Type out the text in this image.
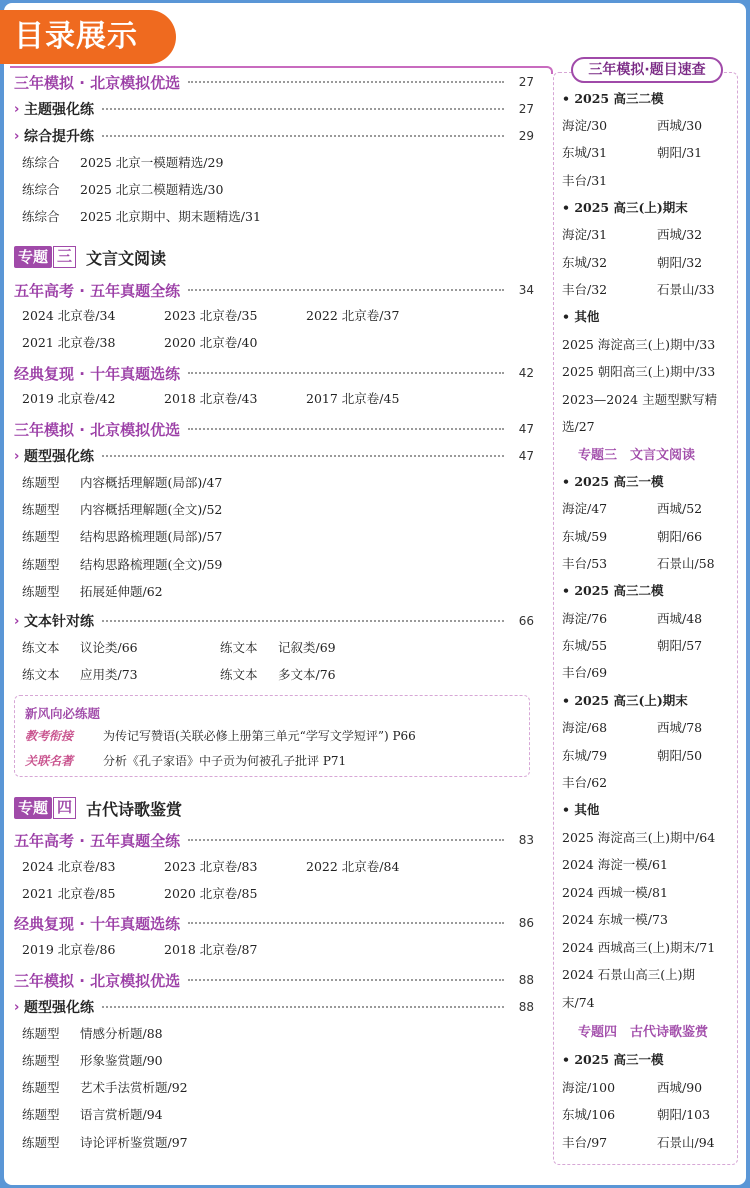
目录展示
三年模拟 · 北京模拟优选	27
› 主题强化练	27
› 综合提升练	29
练综合 2025 北京一模题精选/29
练综合 2025 北京二模题精选/30
练综合 2025 北京期中、期末题精选/31
专题 三 文言文阅读
五年高考 · 五年真题全练	34
2024 北京卷/34	2023 北京卷/35	2022 北京卷/37
2021 北京卷/38	2020 北京卷/40
经典复现 · 十年真题选练	42
2019 北京卷/42	2018 北京卷/43	2017 北京卷/45
三年模拟 · 北京模拟优选	47
› 题型强化练	47
练题型 内容概括理解题(局部)/47
练题型 内容概括理解题(全文)/52
练题型 结构思路梳理题(局部)/57
练题型 结构思路梳理题(全文)/59
练题型 拓展延伸题/62
› 文本针对练	66
练文本 议论类/66	练文本 记叙类/69
练文本 应用类/73	练文本 多文本/76
专题 四 古代诗歌鉴赏
五年高考 · 五年真题全练	83
2024 北京卷/83	2023 北京卷/83	2022 北京卷/84
2021 北京卷/85	2020 北京卷/85
经典复现 · 十年真题选练	86
2019 北京卷/86	2018 北京卷/87
三年模拟 · 北京模拟优选	88
› 题型强化练	88
练题型 情感分析题/88
练题型 形象鉴赏题/90
练题型 艺术手法赏析题/92
练题型 语言赏析题/94
练题型 诗论评析鉴赏题/97
新风向必练题
教考衔接 为传记写赞语(关联必修上册第三单元“学写文学短评”) P66
关联名著 分析《孔子家语》中子贡为何被孔子批评 P71
三年模拟·题目速查
• 2025 高三二模
海淀/30	西城/30
东城/31	朝阳/31
丰台/31
• 2025 高三(上)期末
海淀/31	西城/32
东城/32	朝阳/32
丰台/32	石景山/33
• 其他
2025 海淀高三(上)期中/33
2025 朝阳高三(上)期中/33
2023—2024 主题型默写精
选/27
专题三　文言文阅读
• 2025 高三一模
海淀/47	西城/52
东城/59	朝阳/66
丰台/53	石景山/58
• 2025 高三二模
海淀/76	西城/48
东城/55	朝阳/57
丰台/69
• 2025 高三(上)期末
海淀/68	西城/78
东城/79	朝阳/50
丰台/62
• 其他
2025 海淀高三(上)期中/64
2024 海淀一模/61
2024 西城一模/81
2024 东城一模/73
2024 西城高三(上)期末/71
2024 石景山高三(上)期
末/74
专题四　古代诗歌鉴赏
• 2025 高三一模
海淀/100	西城/90
东城/106	朝阳/103
丰台/97	石景山/94
